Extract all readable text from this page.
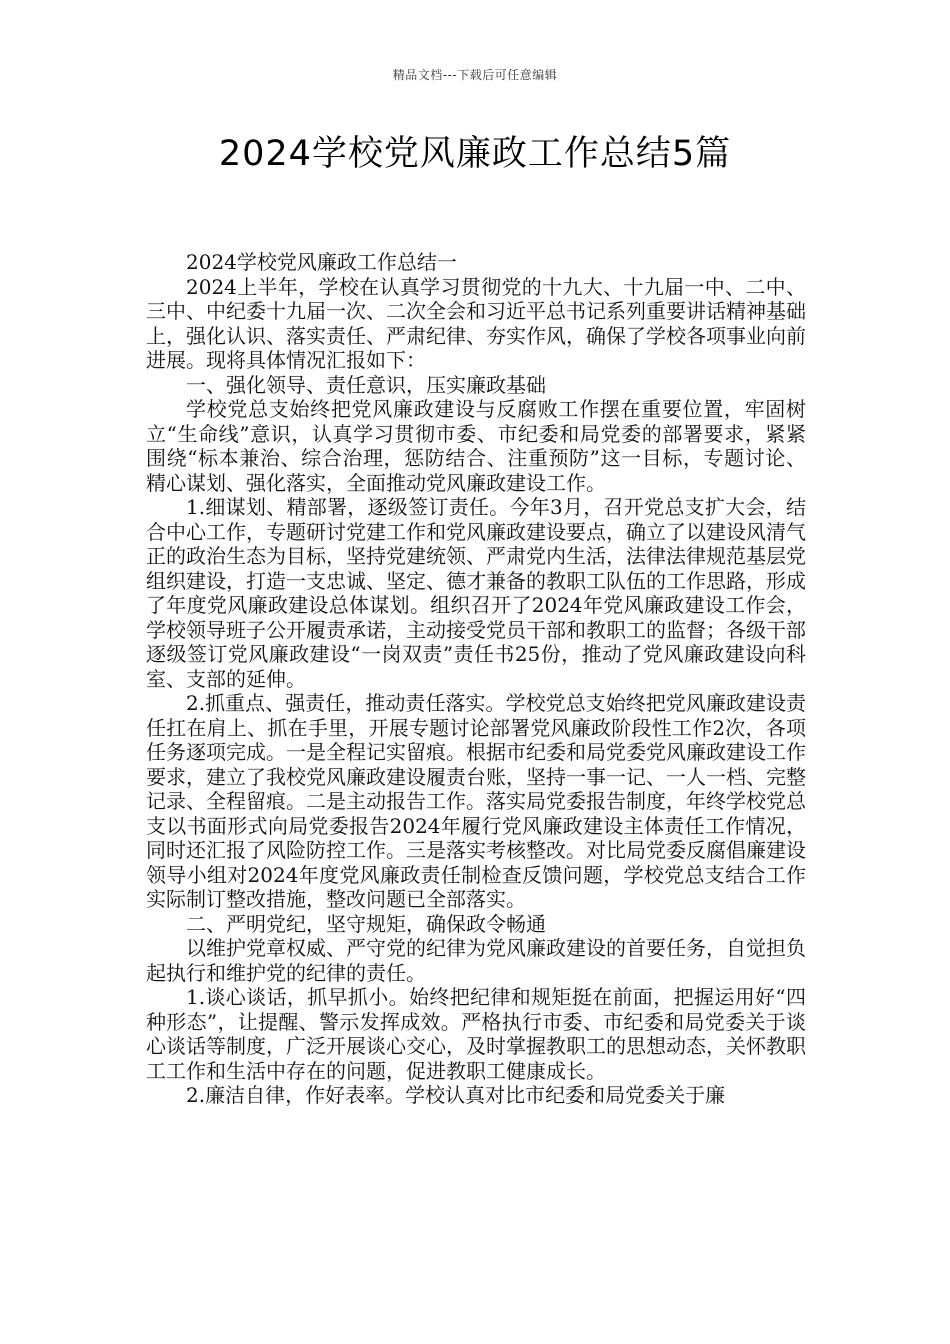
精品文档---下载后可任意编辑
2024学校党风廉政工作总结5篇

2024学校党风廉政工作总结一

2024上半年，学校在认真学习贯彻党的十九大、十九届一中、二中、三中、中纪委十九届一次、二次全会和习近平总书记系列重要讲话精神基础上，强化认识、落实责任、严肃纪律、夯实作风，确保了学校各项事业向前进展。现将具体情况汇报如下：

一、强化领导、责任意识，压实廉政基础

学校党总支始终把党风廉政建设与反腐败工作摆在重要位置，牢固树立“生命线”意识，认真学习贯彻市委、市纪委和局党委的部署要求，紧紧围绕“标本兼治、综合治理，惩防结合、注重预防”这一目标，专题讨论、精心谋划、强化落实，全面推动党风廉政建设工作。

1.细谋划、精部署，逐级签订责任。今年3月，召开党总支扩大会，结合中心工作，专题研讨党建工作和党风廉政建设要点，确立了以建设风清气正的政治生态为目标，坚持党建统领、严肃党内生活，法律法律规范基层党组织建设，打造一支忠诚、坚定、德才兼备的教职工队伍的工作思路，形成了年度党风廉政建设总体谋划。组织召开了2024年党风廉政建设工作会，学校领导班子公开履责承诺，主动接受党员干部和教职工的监督；各级干部逐级签订党风廉政建设“一岗双责”责任书25份，推动了党风廉政建设向科室、支部的延伸。

2.抓重点、强责任，推动责任落实。学校党总支始终把党风廉政建设责任扛在肩上、抓在手里，开展专题讨论部署党风廉政阶段性工作2次，各项任务逐项完成。一是全程记实留痕。根据市纪委和局党委党风廉政建设工作要求，建立了我校党风廉政建设履责台账，坚持一事一记、一人一档、完整记录、全程留痕。二是主动报告工作。落实局党委报告制度，年终学校党总支以书面形式向局党委报告2024年履行党风廉政建设主体责任工作情况，同时还汇报了风险防控工作。三是落实考核整改。对比局党委反腐倡廉建设领导小组对2024年度党风廉政责任制检查反馈问题，学校党总支结合工作实际制订整改措施，整改问题已全部落实。

二、严明党纪，坚守规矩，确保政令畅通

以维护党章权威、严守党的纪律为党风廉政建设的首要任务，自觉担负起执行和维护党的纪律的责任。

1.谈心谈话，抓早抓小。始终把纪律和规矩挺在前面，把握运用好“四种形态”，让提醒、警示发挥成效。严格执行市委、市纪委和局党委关于谈心谈话等制度，广泛开展谈心交心，及时掌握教职工的思想动态，关怀教职工工作和生活中存在的问题，促进教职工健康成长。

2.廉洁自律，作好表率。学校认真对比市纪委和局党委关于廉
